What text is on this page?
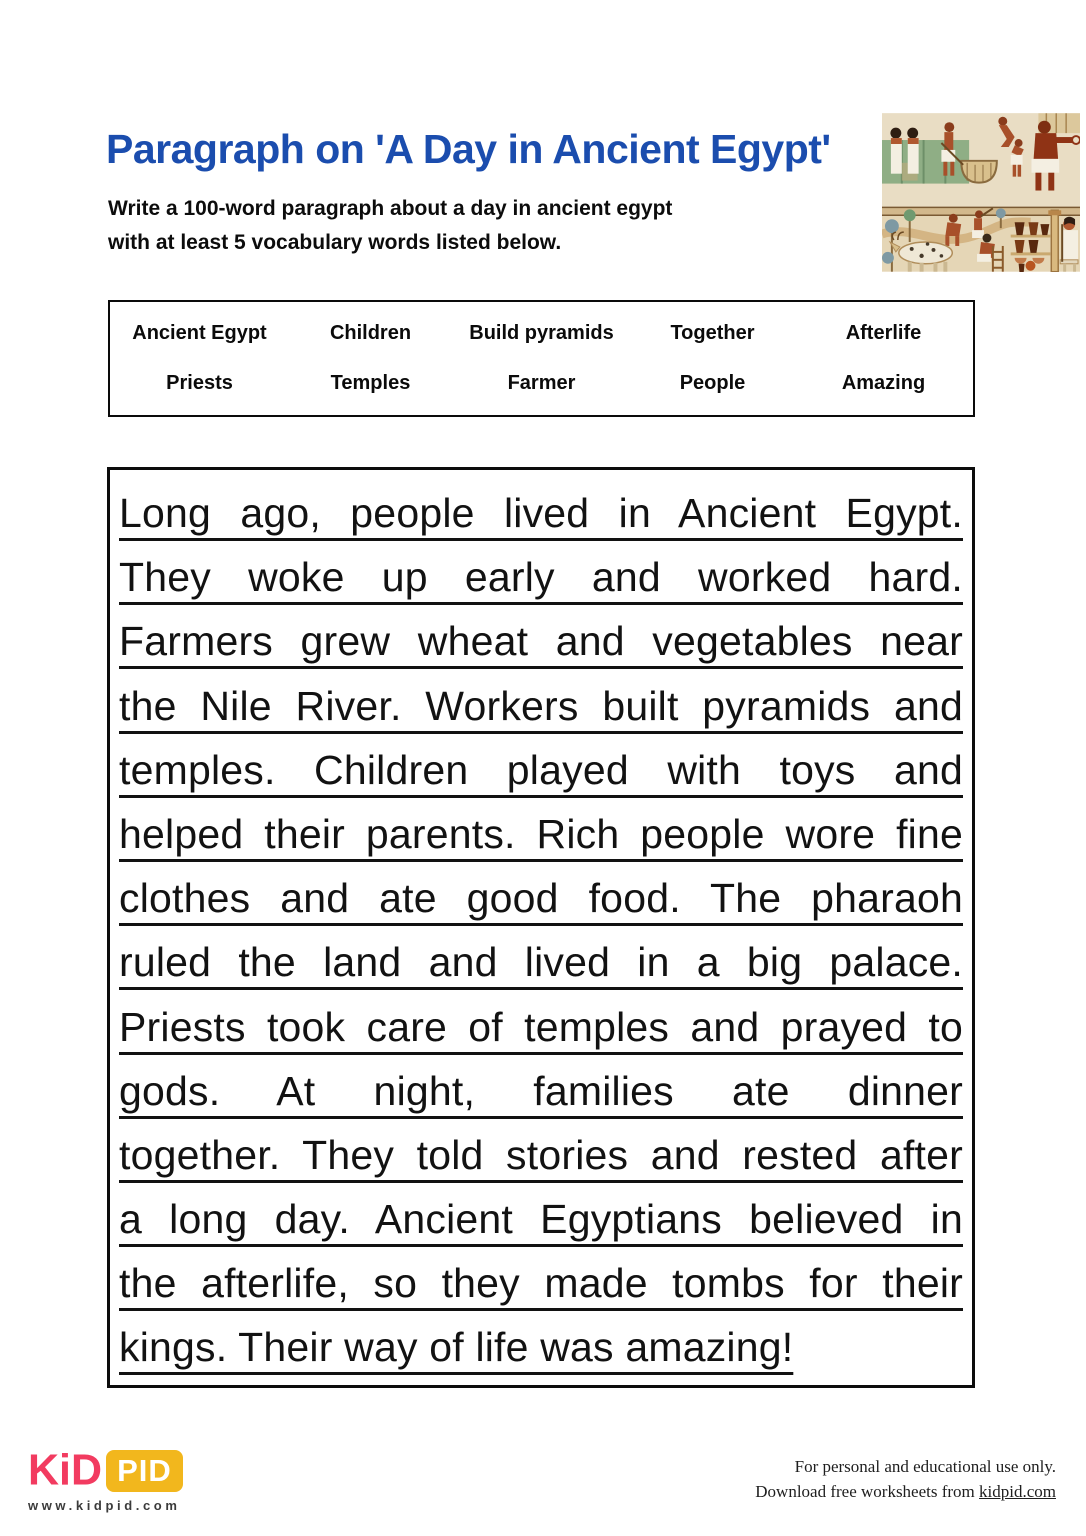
Paragraph on 'A Day in Ancient Egypt'
Write a 100-word paragraph about a day in ancient egypt
with at least 5 vocabulary words listed below.
Ancient Egypt	Children	Build pyramids	Together	Afterlife
Priests	Temples	Farmer	People	Amazing
Long ago, people lived in Ancient Egypt.
They woke up early and worked hard.
Farmers grew wheat and vegetables near
the Nile River. Workers built pyramids and
temples. Children played with toys and
helped their parents. Rich people wore fine
clothes and ate good food. The pharaoh
ruled the land and lived in a big palace.
Priests took care of temples and prayed to
gods. At night, families ate dinner
together. They told stories and rested after
a long day. Ancient Egyptians believed in
the afterlife, so they made tombs for their
kings. Their way of life was amazing!
KiD PID
www.kidpid.com
For personal and educational use only.
Download free worksheets from kidpid.com
